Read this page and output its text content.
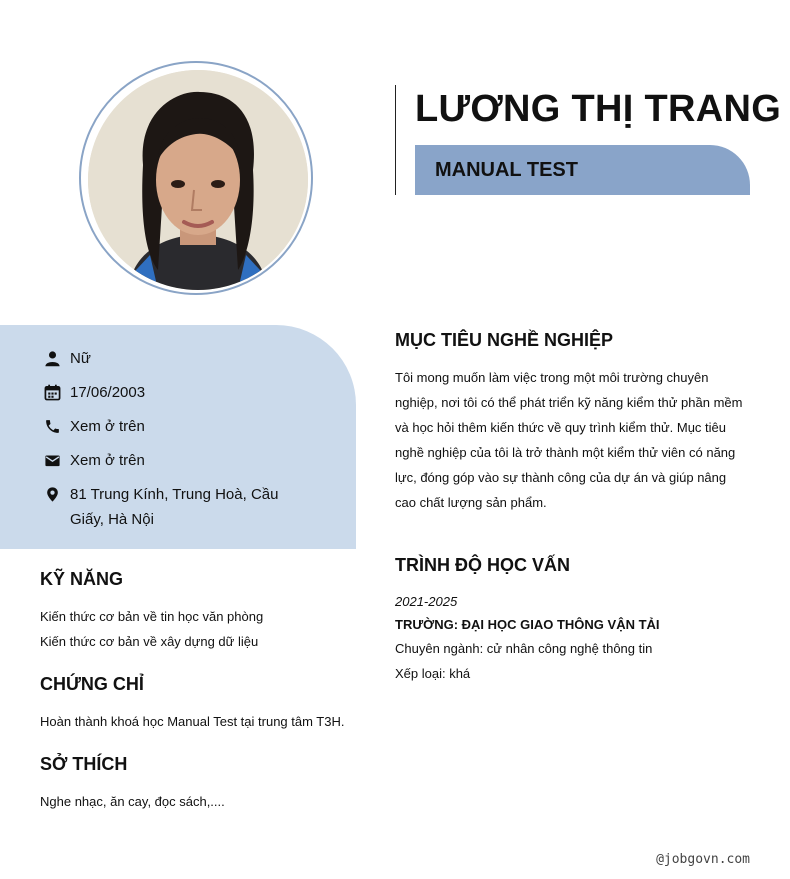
LƯƠNG THỊ TRANG
MANUAL TEST
Nữ
17/06/2003
Xem ở trên
Xem ở trên
81 Trung Kính, Trung Hoà, Cầu Giấy, Hà Nội
KỸ NĂNG
Kiến thức cơ bản về tin học văn phòng
Kiến thức cơ bản về xây dựng dữ liệu
CHỨNG CHỈ
Hoàn thành khoá học Manual Test tại trung tâm T3H.
SỞ THÍCH
Nghe nhạc, ăn cay, đọc sách,....
MỤC TIÊU NGHỀ NGHIỆP
Tôi mong muốn làm việc trong một môi trường chuyên nghiệp, nơi tôi có thể phát triển kỹ năng kiểm thử phần mềm và học hỏi thêm kiến thức về quy trình kiểm thử. Mục tiêu nghề nghiệp của tôi là trở thành một kiểm thử viên có năng lực, đóng góp vào sự thành công của dự án và giúp nâng cao chất lượng sản phẩm.
TRÌNH ĐỘ HỌC VẤN
2021-2025
TRƯỜNG: ĐẠI HỌC GIAO THÔNG VẬN TẢI
Chuyên ngành: cử nhân công nghệ thông tin
Xếp loại: khá
@jobgovn.com
